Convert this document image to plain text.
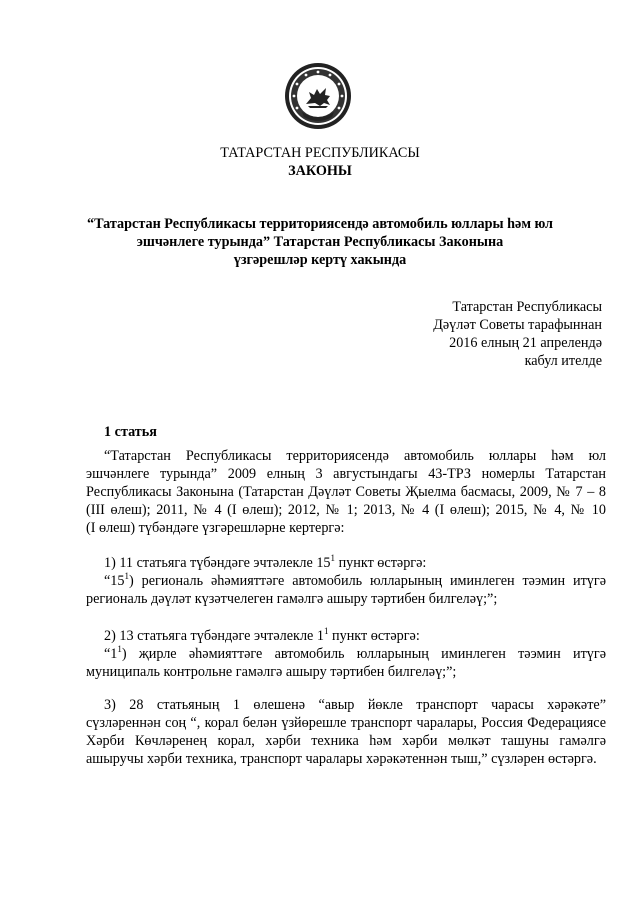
ТАТАРСТАН РЕСПУБЛИКАСЫ
ЗАКОНЫ
“Татарстан Республикасы территориясендә автомобиль юллары һәм юл
эшчәнлеге турында” Татарстан Республикасы Законына
үзгәрешләр кертү хакында
Татарстан Республикасы
Дәүләт Советы тарафыннан
2016 елның 21 апрелендә
кабул ителде
1 статья
“Татарстан Республикасы территориясендә автомобиль юллары һәм юл
эшчәнлеге турында” 2009 елның 3 августындагы 43-ТРЗ номерлы Татарстан
Республикасы Законына (Татарстан Дәүләт Советы Җыелма басмасы, 2009, № 7 – 8
(III өлеш); 2011, № 4 (I өлеш); 2012, № 1; 2013, № 4 (I өлеш); 2015, № 4, № 10
(I өлеш) түбәндәге үзгәрешләрне кертергә:
1) 11 статьяга түбәндәге эчтәлекле $15^1$ пункт өстәргә:
“$15^1$) региональ әһәмияттәге автомобиль юлларының иминлеген тәэмин итүгә
региональ дәүләт күзәтчелеген гамәлгә ашыру тәртибен билгеләү;”;
2) 13 статьяга түбәндәге эчтәлекле $1^1$ пункт өстәргә:
“$1^1$) җирле әһәмияттәге автомобиль юлларының иминлеген тәэмин итүгә
муниципаль контрольне гамәлгә ашыру тәртибен билгеләү;”;
3) 28 статьяның 1 өлешенә “авыр йөкле транспорт чарасы хәрәкәте”
сүзләреннән соң “, корал белән үзйөрешле транспорт чаралары, Россия Федерациясе
Хәрби Көчләренең корал, хәрби техника һәм хәрби мөлкәт ташуны гамәлгә
ашыручы хәрби техника, транспорт чаралары хәрәкәтеннән тыш,” сүзләрен өстәргә.
